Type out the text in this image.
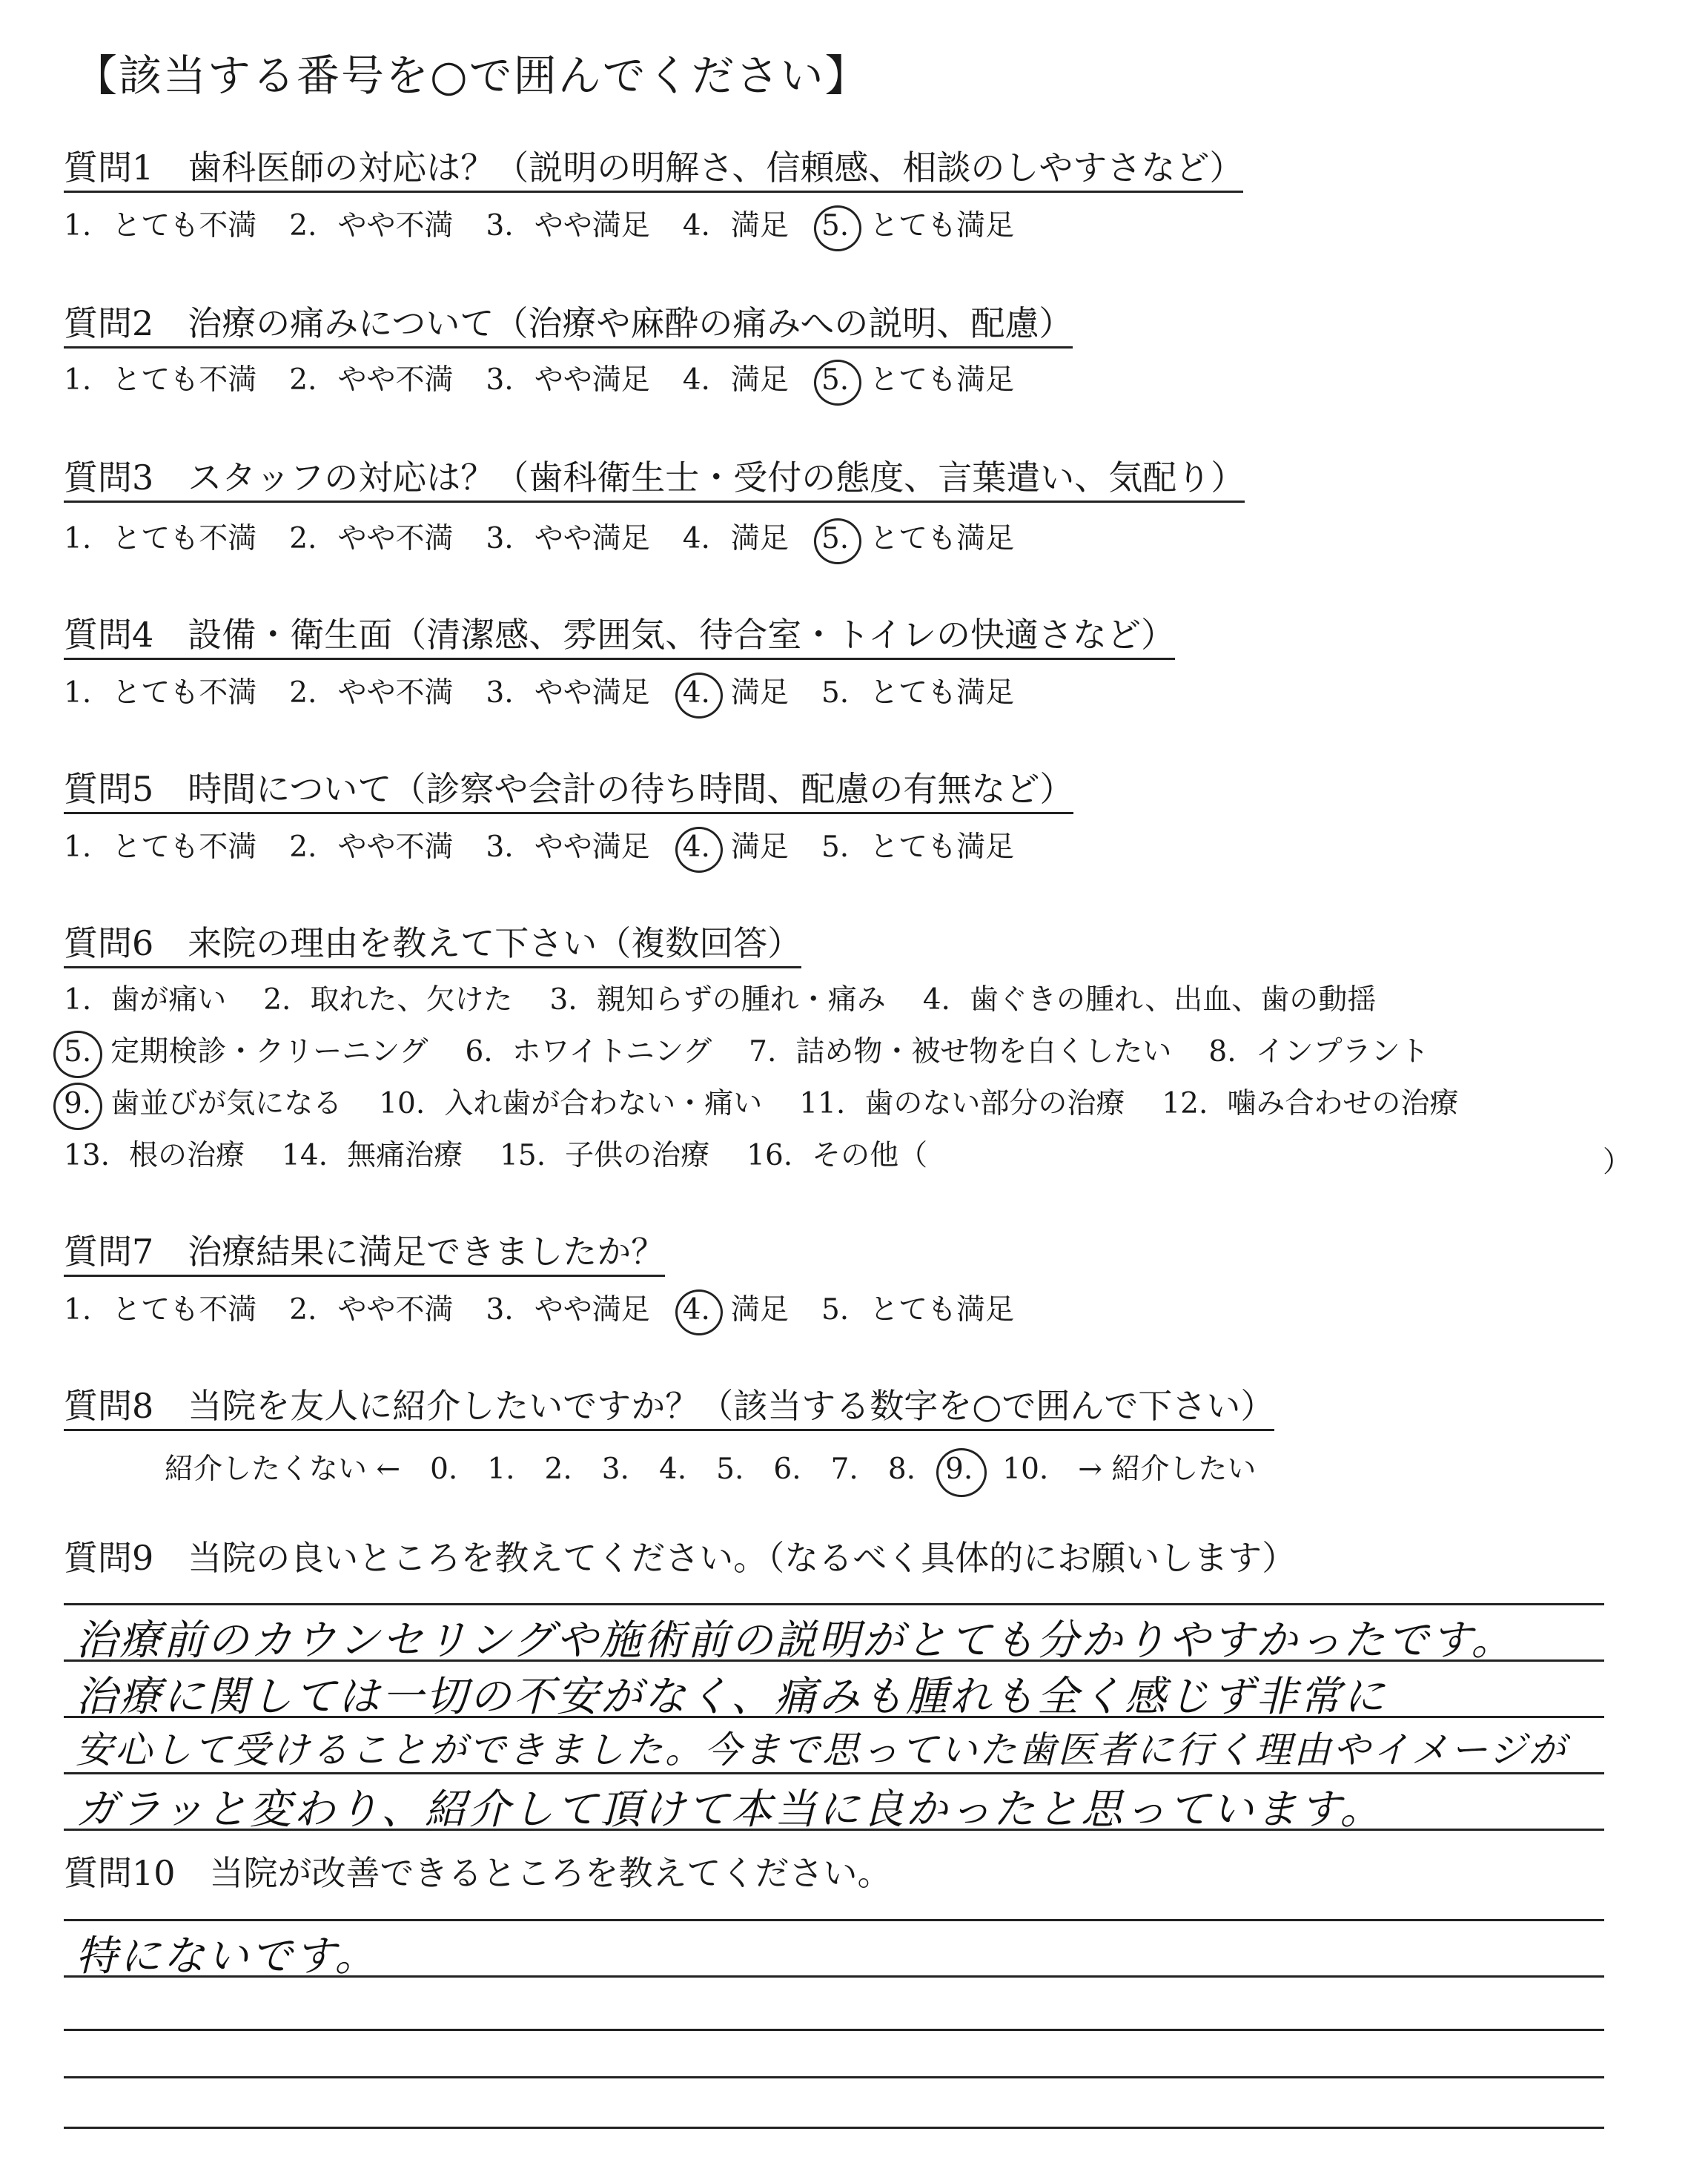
【該当する番号を○で囲んでください】
質問1　歯科医師の対応は？（説明の明解さ、信頼感、相談のしやすさなど）
1. とても不満 2. やや不満 3. やや満足 4. 満足 5. とても満足
質問2　治療の痛みについて（治療や麻酔の痛みへの説明、配慮）
1. とても不満 2. やや不満 3. やや満足 4. 満足 5. とても満足
質問3　スタッフの対応は？（歯科衛生士・受付の態度、言葉遣い、気配り）
1. とても不満 2. やや不満 3. やや満足 4. 満足 5. とても満足
質問4　設備・衛生面（清潔感、雰囲気、待合室・トイレの快適さなど）
1. とても不満 2. やや不満 3. やや満足 4. 満足 5. とても満足
質問5　時間について（診察や会計の待ち時間、配慮の有無など）
1. とても不満 2. やや不満 3. やや満足 4. 満足 5. とても満足
質問6　来院の理由を教えて下さい（複数回答）
1. 歯が痛い 2. 取れた、欠けた 3. 親知らずの腫れ・痛み 4. 歯ぐきの腫れ、出血、歯の動揺
5. 定期検診・クリーニング 6. ホワイトニング 7. 詰め物・被せ物を白くしたい 8. インプラント
9. 歯並びが気になる 10. 入れ歯が合わない・痛い 11. 歯のない部分の治療 12. 噛み合わせの治療
13. 根の治療 14. 無痛治療 15. 子供の治療 16. その他（	）
質問7　治療結果に満足できましたか？
1. とても不満 2. やや不満 3. やや満足 4. 満足 5. とても満足
質問8　当院を友人に紹介したいですか？（該当する数字を○で囲んで下さい）
紹介したくない ← 0. 1. 2. 3. 4. 5. 6. 7. 8. 9. 10. → 紹介したい
質問9　当院の良いところを教えてください。（なるべく具体的にお願いします）
治療前のカウンセリングや施術前の説明がとても分かりやすかったです。
治療に関しては一切の不安がなく、痛みも腫れも全く感じず非常に
安心して受けることができました。今まで思っていた歯医者に行く理由やイメージが
ガラッと変わり、紹介して頂けて本当に良かったと思っています。
質問10　当院が改善できるところを教えてください。
特にないです。
